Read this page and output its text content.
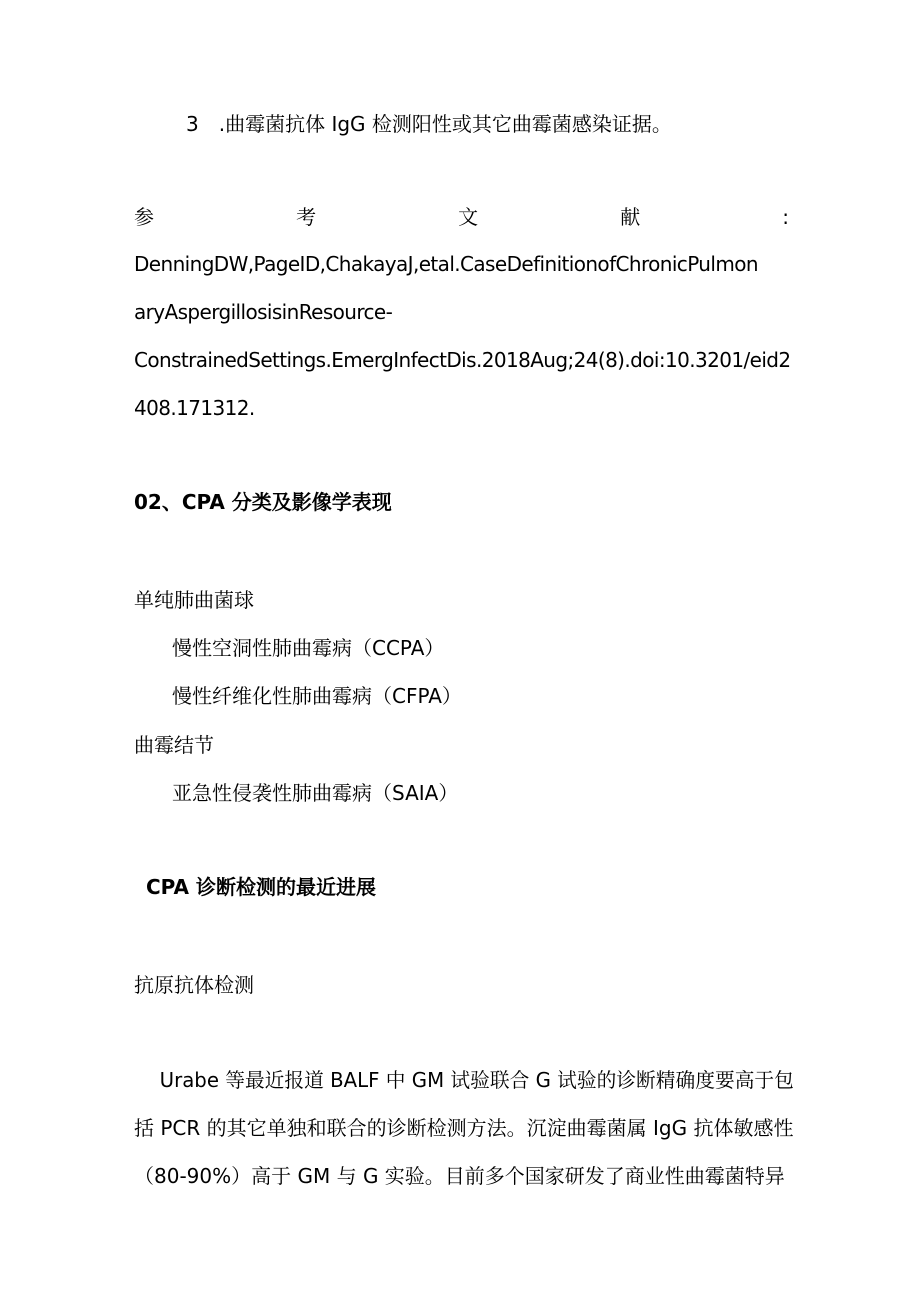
3　.曲霉菌抗体 IgG 检测阳性或其它曲霉菌感染证据。
参	考	文	献	:
DenningDW,PageID,ChakayaJ,etal.CaseDefinitionofChronicPulmon
aryAspergillosisinResource-
ConstrainedSettings.EmergInfectDis.2018Aug;24(8).doi:10.3201/eid2
408.171312.
02、CPA 分类及影像学表现
单纯肺曲菌球
慢性空洞性肺曲霉病（CCPA）
慢性纤维化性肺曲霉病（CFPA）
曲霉结节
亚急性侵袭性肺曲霉病（SAIA）
CPA 诊断检测的最近进展
抗原抗体检测
Urabe 等最近报道 BALF 中 GM 试验联合 G 试验的诊断精确度要高于包
括 PCR 的其它单独和联合的诊断检测方法。沉淀曲霉菌属 IgG 抗体敏感性
（80-90%）高于 GM 与 G 实验。目前多个国家研发了商业性曲霉菌特异
